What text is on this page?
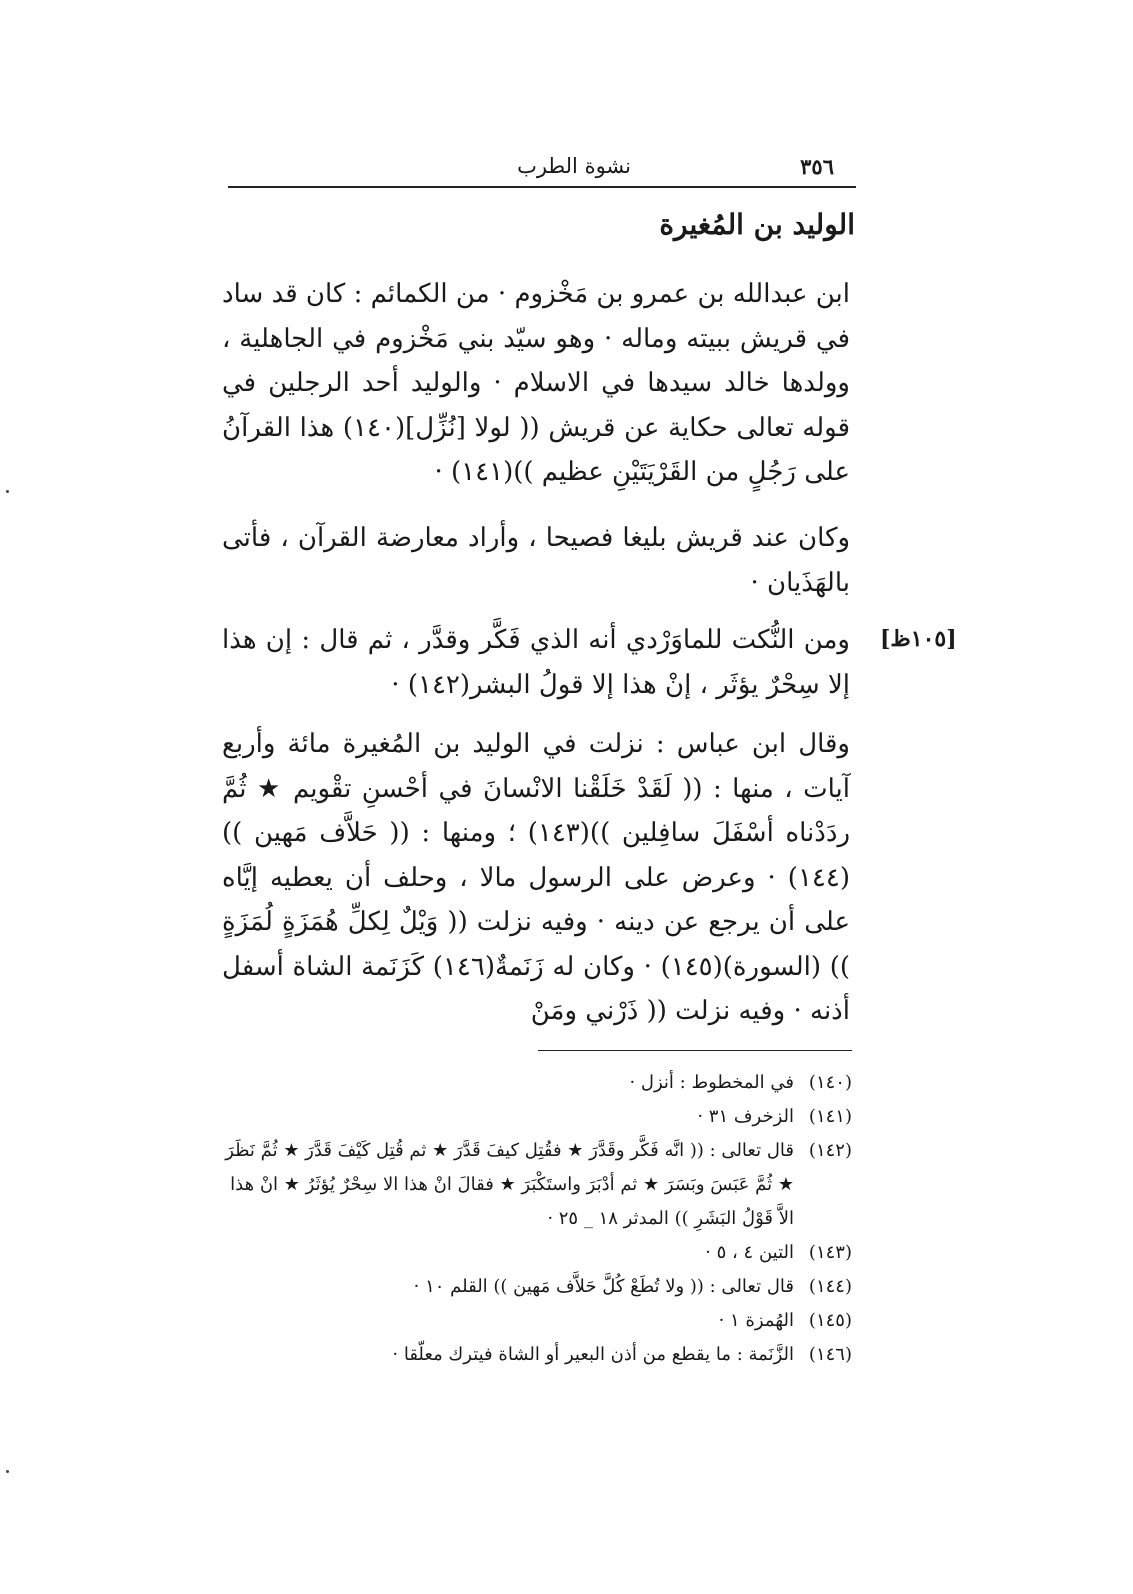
٣٥٦
نشوة الطرب
الوليد بن المُغيرة

ابن عبدالله بن عمرو بن مَخْزوم · من الكمائم : كان قد ساد في قريش ببيته وماله · وهو سيّد بني مَخْزوم في الجاهلية ، وولدها خالد سيدها في الاسلام · والوليد أحد الرجلين في قوله تعالى حكاية عن قريش (( لولا [نُزِّل](١٤٠) هذا القرآنُ على رَجُلٍ من القَرْيَتَيْنِ عظيم ))(١٤١) ·

وكان عند قريش بليغا فصيحا ، وأراد معارضة القرآن ، فأتى بالهَذَيان ·

ومن النُّكت للماوَرْدي أنه الذي فَكَّر وقدَّر ، ثم قال : إن هذا إلا سِحْرٌ يؤثَر ، إنْ هذا إلا قولُ البشر(١٤٢) ·

[١٠٥ظ]

وقال ابن عباس : نزلت في الوليد بن المُغيرة مائة وأربع آيات ، منها : (( لَقَدْ خَلَقْنا الانْسانَ في أحْسنِ تقْويم ★ ثُمَّ ردَدْناه أسْفَلَ سافِلين ))(١٤٣) ؛ ومنها : (( حَلاَّف مَهين ))(١٤٤) · وعرض على الرسول مالا ، وحلف أن يعطيه إيَّاه على أن يرجع عن دينه · وفيه نزلت (( وَيْلٌ لِكلِّ هُمَزَةٍ لُمَزَةٍ )) (السورة)(١٤٥) · وكان له زَنَمةٌ(١٤٦) كَزَنَمة الشاة أسفل أذنه · وفيه نزلت (( ذَرْني ومَنْ

(١٤٠)
في المخطوط : أنزل ·
(١٤١)
الزخرف ٣١ ·
(١٤٢)
قال تعالى : (( انَّه فَكَّر وقَدَّرَ ★ فقُتِل كيفَ قَدَّرَ ★ ثم قُتِل كَيْفَ قَدَّرَ ★ ثُمَّ نَظَرَ ★ ثُمَّ عَبَسَ وبَسَرَ ★ ثم أدْبَرَ واستَكْبَرَ ★ فقالَ انْ هذا الا سِحْرٌ يُؤثَرُ ★ انْ هذا الاَّ قَوْلُ البَشَرِ )) المدثر ١٨ _ ٢٥ ·
(١٤٣)
التين ٤ ، ٥ ·
(١٤٤)
قال تعالى : (( ولا تُطَعْ كُلَّ حَلاَّف مَهين )) القلم ١٠ ·
(١٤٥)
الهُمزة ١ ·
(١٤٦)
الزَّنَمة : ما يقطع من أذن البعير أو الشاة فيترك معلّقا ·
